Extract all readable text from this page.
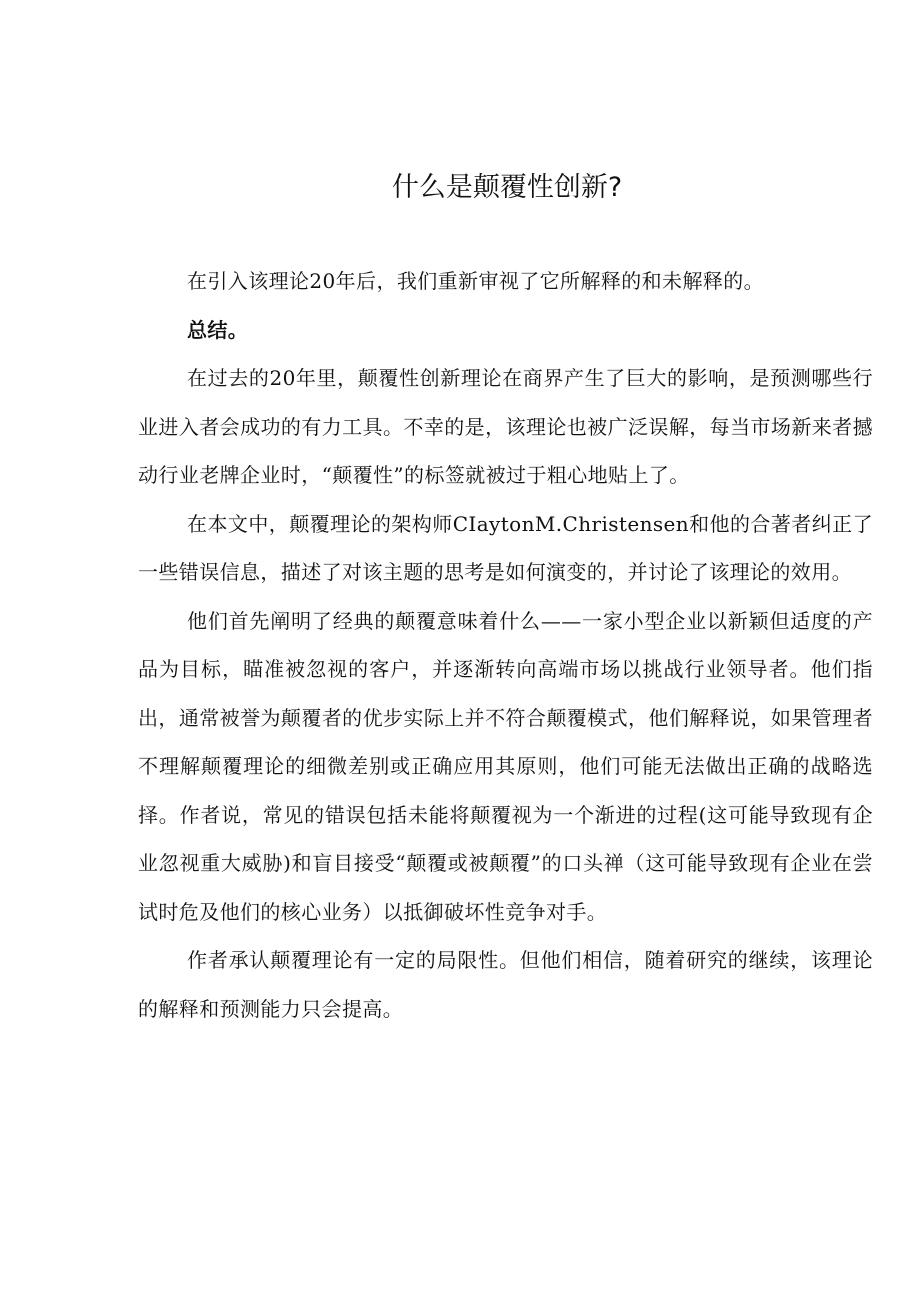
什么是颠覆性创新?

在引入该理论20年后，我们重新审视了它所解释的和未解释的。

总结。

在过去的20年里，颠覆性创新理论在商界产生了巨大的影响，是预测哪些行业进入者会成功的有力工具。不幸的是，该理论也被广泛误解，每当市场新来者撼动行业老牌企业时，“颠覆性”的标签就被过于粗心地贴上了。

在本文中，颠覆理论的架构师CIaytonM.Christensen和他的合著者纠正了一些错误信息，描述了对该主题的思考是如何演变的，并讨论了该理论的效用。

他们首先阐明了经典的颠覆意味着什么——一家小型企业以新颖但适度的产品为目标，瞄准被忽视的客户，并逐渐转向高端市场以挑战行业领导者。他们指出，通常被誉为颠覆者的优步实际上并不符合颠覆模式，他们解释说，如果管理者不理解颠覆理论的细微差别或正确应用其原则，他们可能无法做出正确的战略选择。作者说，常见的错误包括未能将颠覆视为一个渐进的过程(这可能导致现有企业忽视重大威胁)和盲目接受“颠覆或被颠覆”的口头禅（这可能导致现有企业在尝试时危及他们的核心业务）以抵御破坏性竞争对手。

作者承认颠覆理论有一定的局限性。但他们相信，随着研究的继续，该理论的解释和预测能力只会提高。
